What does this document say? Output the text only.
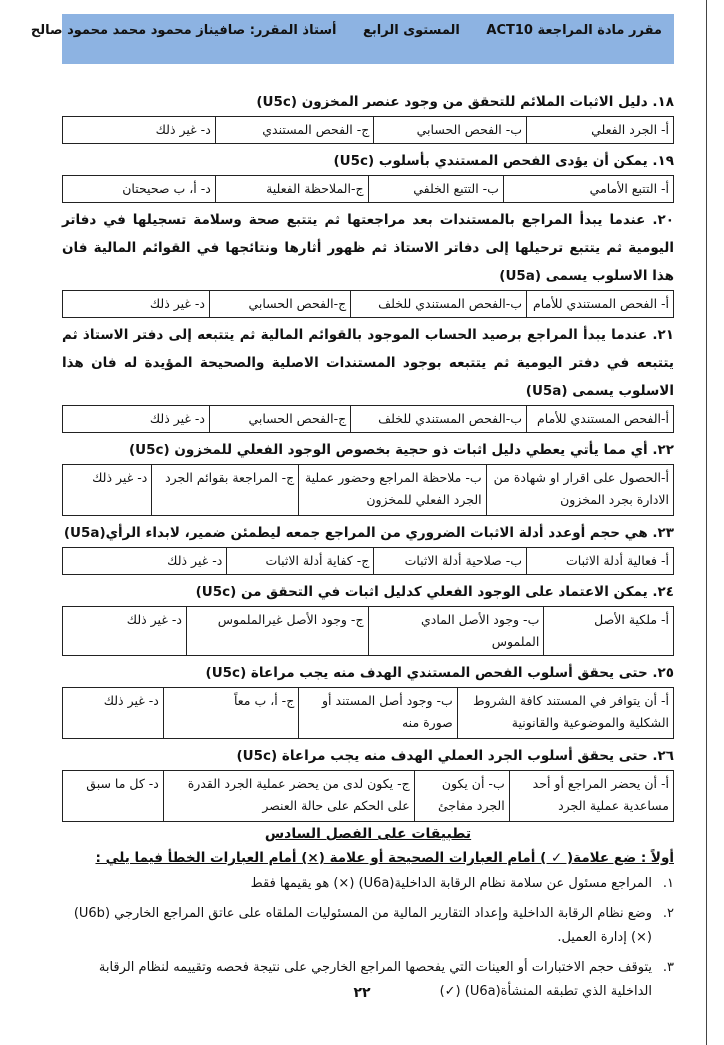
مقرر مادة المراجعة ACT10 المستوى الرابع أستاذ المقرر: صافيناز محمود محمد محمود صالح

١٨. دليل الاثبات الملائم للتحقق من وجود عنصر المخزون (U5c)

أ- الجرد الفعلي	ب- الفحص الحسابي	ج- الفحص المستندي	د- غير ذلك

١٩. يمكن أن يؤدى الفحص المستندي بأسلوب (U5c)

أ- التتبع الأمامي	ب- التتبع الخلفي	ج-الملاحظة الفعلية	د- أ، ب صحيحتان

٢٠. عندما يبدأ المراجع بالمستندات بعد مراجعتها ثم يتتبع صحة وسلامة تسجيلها في دفاتر اليومية ثم يتتبع ترحيلها إلى دفاتر الاستاذ ثم ظهور أثارها ونتائجها في القوائم المالية فان هذا الاسلوب يسمى (U5a)

أ- الفحص المستندي للأمام	ب-الفحص المستندي للخلف	ج-الفحص الحسابي	د- غير ذلك

٢١. عندما يبدأ المراجع برصيد الحساب الموجود بالقوائم المالية ثم يتتبعه إلى دفتر الاستاذ ثم يتتبعه في دفتر اليومية ثم يتتبعه بوجود المستندات الاصلية والصحيحة المؤيدة له فان هذا الاسلوب يسمى (U5a)

أ-الفحص المستندي للأمام	ب-الفحص المستندي للخلف	ج-الفحص الحسابي	د- غير ذلك

٢٢. أي مما يأتي يعطي دليل اثبات ذو حجية بخصوص الوجود الفعلي للمخزون (U5c)

أ-الحصول على اقرار او شهادة من الادارة بجرد المخزون	ب- ملاحظة المراجع وحضور عملية الجرد الفعلي للمخزون	ج- المراجعة بقوائم الجرد	د- غير ذلك

٢٣. هي حجم أوعدد أدلة الاثبات الضروري من المراجع جمعه ليطمئن ضمير، لابداء الرأي(U5a)

أ- فعالية أدلة الاثبات	ب- صلاحية أدلة الاثبات	ج- كفاية أدلة الاثبات	د- غير ذلك

٢٤. يمكن الاعتماد على الوجود الفعلي كدليل اثبات في التحقق من (U5c)

أ- ملكية الأصل	ب- وجود الأصل المادي الملموس	ج- وجود الأصل غيرالملموس	د- غير ذلك

٢٥. حتى يحقق أسلوب الفحص المستندي الهدف منه يجب مراعاة (U5c)

أ- أن يتوافر في المستند كافة الشروط الشكلية والموضوعية والقانونية	ب- وجود أصل المستند أو صورة منه	ج- أ، ب معاً	د- غير ذلك

٢٦. حتى يحقق أسلوب الجرد العملي الهدف منه يجب مراعاة (U5c)

أ- أن يحضر المراجع أو أحد مساعدية عملية الجرد	ب- أن يكون الجرد مفاجئ	ج- يكون لدى من يحضر عملية الجرد القدرة على الحكم على حالة العنصر	د- كل ما سبق
تطبيقات على الفصل السادس
أولاً : ضع علامة( ✓ ) أمام العبارات الصحيحة أو علامة (×) أمام العبارات الخطأ فيما يلي :
١.
المراجع مسئول عن سلامة نظام الرقابة الداخلية(U6a) (×) هو يقيمها فقط
٢.
وضع نظام الرقابة الداخلية وإعداد التقارير المالية من المسئوليات الملقاه على عاتق المراجع الخارجي (U6b) (×) إدارة العميل.
٣.
يتوقف حجم الاختبارات أو العينات التي يفحصها المراجع الخارجي على نتيجة فحصه وتقييمه لنظام الرقابة الداخلية الذي تطبقه المنشأة(U6a) (✓)
٢٢
